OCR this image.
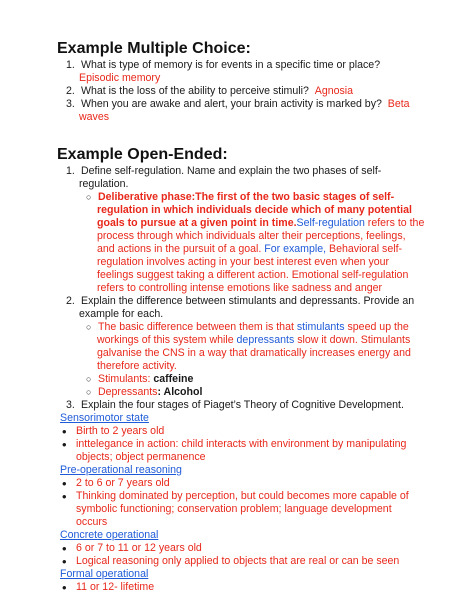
Example Multiple Choice:
1. What is type of memory is for events in a specific time or place?
Episodic memory
2. What is the loss of the ability to perceive stimuli? Agnosia
3. When you are awake and alert, your brain activity is marked by? Beta
waves
Example Open-Ended:
1. Define self-regulation. Name and explain the two phases of self-
regulation.
○ Deliberative phase:The first of the two basic stages of self-
regulation in which individuals decide which of many potential
goals to pursue at a given point in time.Self-regulation refers to the
process through which individuals alter their perceptions, feelings,
and actions in the pursuit of a goal. For example, Behavioral self-
regulation involves acting in your best interest even when your
feelings suggest taking a different action. Emotional self-regulation
refers to controlling intense emotions like sadness and anger
2. Explain the difference between stimulants and depressants. Provide an
example for each.
○ The basic difference between them is that stimulants speed up the
workings of this system while depressants slow it down. Stimulants
galvanise the CNS in a way that dramatically increases energy and
therefore activity.
○ Stimulants: caffeine
○ Depressants: Alcohol
3. Explain the four stages of Piaget’s Theory of Cognitive Development.
Sensorimotor state
• Birth to 2 years old
• inttelegance in action: child interacts with environment by manipulating
objects; object permanence
Pre-operational reasoning
• 2 to 6 or 7 years old
• Thinking dominated by perception, but could becomes more capable of
symbolic functioning; conservation problem; language development
occurs
Concrete operational
• 6 or 7 to 11 or 12 years old
• Logical reasoning only applied to objects that are real or can be seen
Formal operational
• 11 or 12- lifetime
